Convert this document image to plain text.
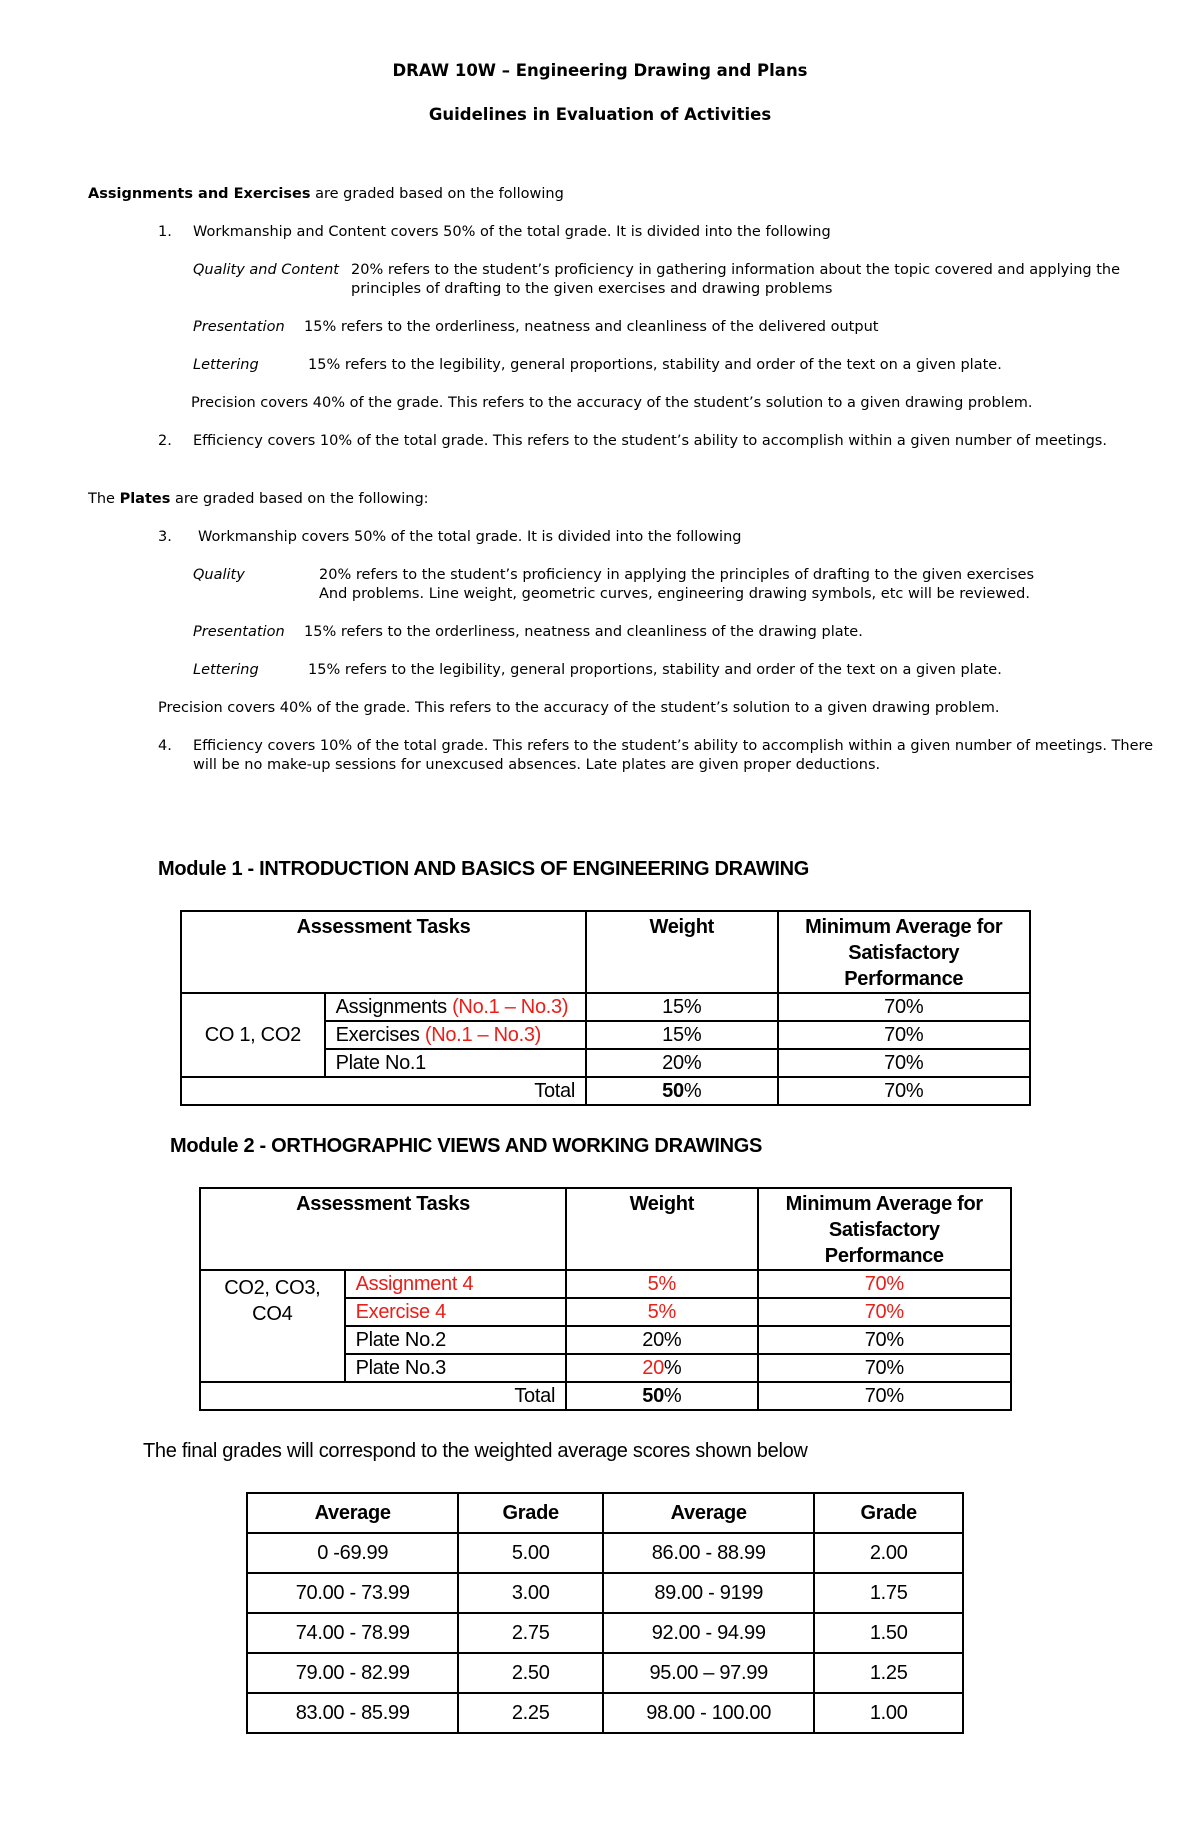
DRAW 10W – Engineering Drawing and Plans
Guidelines in Evaluation of Activities
Assignments and Exercises are graded based on the following
1. Workmanship and Content covers 50% of the total grade. It is divided into the following
Quality and Content 20% refers to the student’s proficiency in gathering information about the topic covered and applying the
principles of drafting to the given exercises and drawing problems
Presentation 15% refers to the orderliness, neatness and cleanliness of the delivered output
Lettering	15% refers to the legibility, general proportions, stability and order of the text on a given plate.
Precision covers 40% of the grade. This refers to the accuracy of the student’s solution to a given drawing problem.
2. Efficiency covers 10% of the total grade. This refers to the student’s ability to accomplish within a given number of meetings.
The Plates are graded based on the following:
3. Workmanship covers 50% of the total grade. It is divided into the following
Quality	20% refers to the student’s proficiency in applying the principles of drafting to the given exercises
And problems. Line weight, geometric curves, engineering drawing symbols, etc will be reviewed.
Presentation 15% refers to the orderliness, neatness and cleanliness of the drawing plate.
Lettering	15% refers to the legibility, general proportions, stability and order of the text on a given plate.
Precision covers 40% of the grade. This refers to the accuracy of the student’s solution to a given drawing problem.
4. Efficiency covers 10% of the total grade. This refers to the student’s ability to accomplish within a given number of meetings. There
will be no make-up sessions for unexcused absences. Late plates are given proper deductions.
Module 1 - INTRODUCTION AND BASICS OF ENGINEERING DRAWING
Assessment Tasks		Weight	Minimum Average for Satisfactory Performance
CO 1, CO2	Assignments (No.1 – No.3)	15%	70%
	Exercises (No.1 – No.3)	15%	70%
	Plate No.1	20%	70%
Total		50%	70%
Module 2 - ORTHOGRAPHIC VIEWS AND WORKING DRAWINGS
Assessment Tasks		Weight	Minimum Average for Satisfactory Performance
CO2, CO3, CO4	Assignment 4	5%	70%
	Exercise 4	5%	70%
	Plate No.2	20%	70%
	Plate No.3	20%	70%
Total		50%	70%
The final grades will correspond to the weighted average scores shown below
Average	Grade	Average	Grade
0 -69.99	5.00	86.00 - 88.99	2.00
70.00 - 73.99	3.00	89.00 - 9199	1.75
74.00 - 78.99	2.75	92.00 - 94.99	1.50
79.00 - 82.99	2.50	95.00 – 97.99	1.25
83.00 - 85.99	2.25	98.00 - 100.00	1.00
